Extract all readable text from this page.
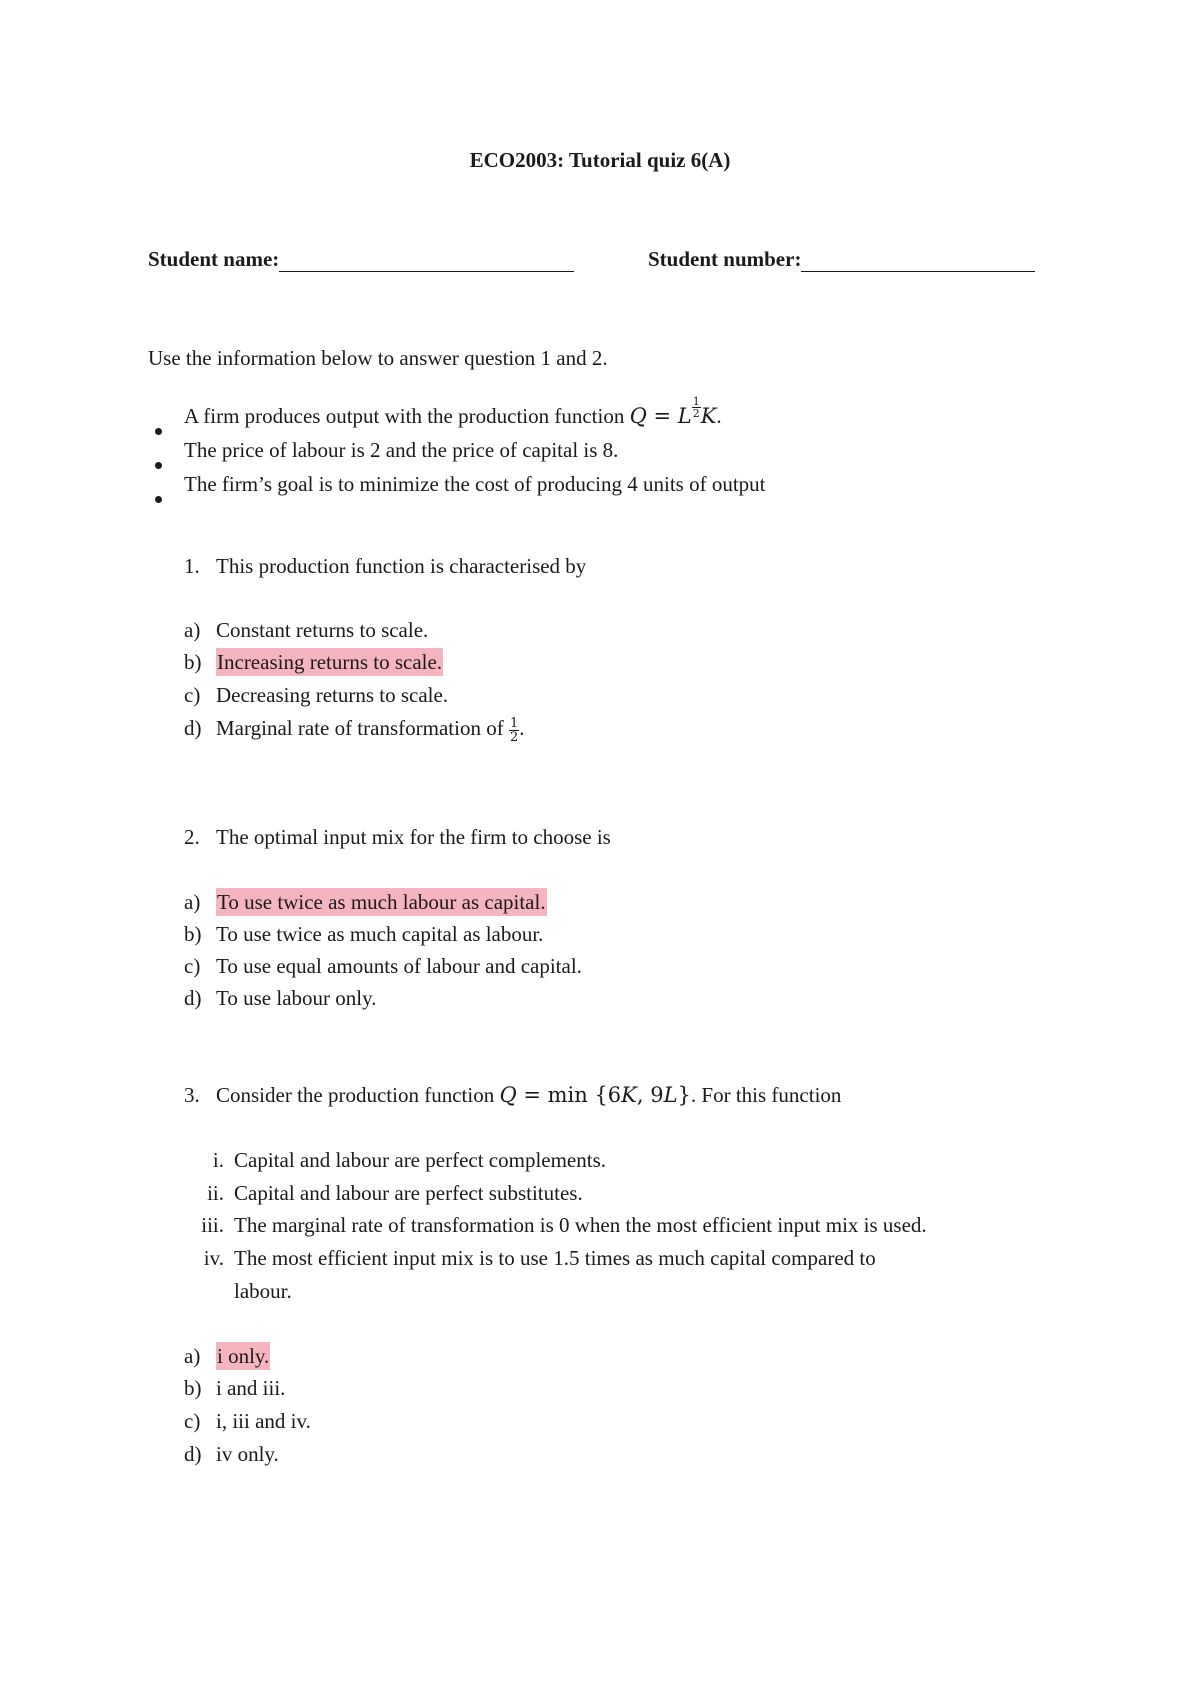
ECO2003: Tutorial quiz 6(A)
Student name:	Student number:
Use the information below to answer question 1 and 2.
A firm produces output with the production function Q = L $\frac{1}{2} K$.
The price of labour is 2 and the price of capital is 8.
The firm’s goal is to minimize the cost of producing 4 units of output
1. This production function is characterised by
a) Constant returns to scale.
b) Increasing returns to scale.
c) Decreasing returns to scale.
d) Marginal rate of transformation of $\frac{1}{2}$ .
2. The optimal input mix for the firm to choose is
a) To use twice as much labour as capital.
b) To use twice as much capital as labour.
c) To use equal amounts of labour and capital.
d) To use labour only.
3. Consider the production function Q = min {6K, 9L}. For this function
i. Capital and labour are perfect complements.
ii. Capital and labour are perfect substitutes.
iii. The marginal rate of transformation is 0 when the most efficient input mix is used.
iv. The most efficient input mix is to use 1.5 times as much capital compared to
labour.
a) i only.
b) i and iii.
c) i, iii and iv.
d) iv only.
